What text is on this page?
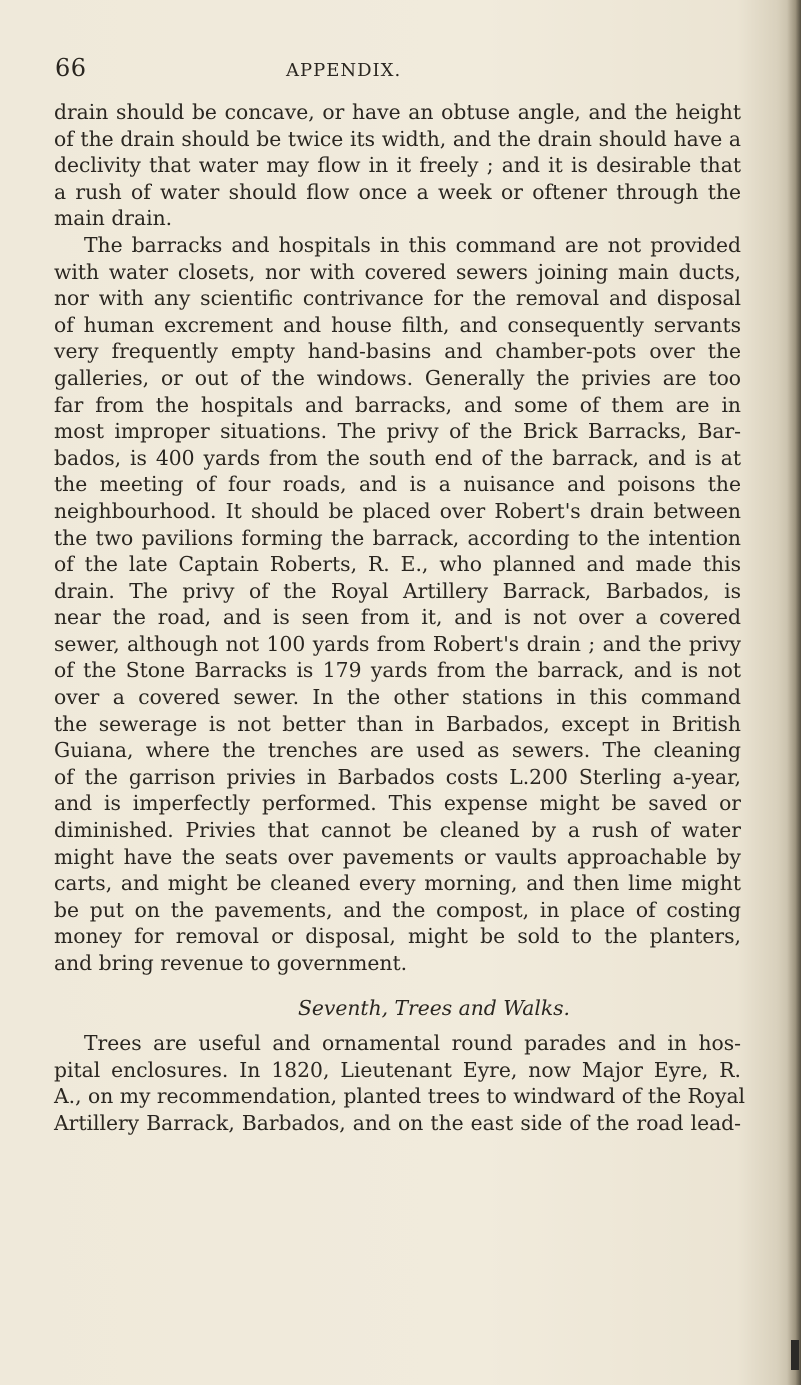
66	APPENDIX.
drain should be concave, or have an obtuse angle, and the height
of the drain should be twice its width, and the drain should have a
declivity that water may flow in it freely ; and it is desirable that
a rush of water should flow once a week or oftener through the
main drain.
The barracks and hospitals in this command are not provided
with water closets, nor with covered sewers joining main ducts,
nor with any scientific contrivance for the removal and disposal
of human excrement and house filth, and consequently servants
very frequently empty hand-basins and chamber-pots over the
galleries, or out of the windows. Generally the privies are too
far from the hospitals and barracks, and some of them are in
most improper situations. The privy of the Brick Barracks, Bar-
bados, is 400 yards from the south end of the barrack, and is at
the meeting of four roads, and is a nuisance and poisons the
neighbourhood. It should be placed over Robert's drain between
the two pavilions forming the barrack, according to the intention
of the late Captain Roberts, R. E., who planned and made this
drain. The privy of the Royal Artillery Barrack, Barbados, is
near the road, and is seen from it, and is not over a covered
sewer, although not 100 yards from Robert's drain ; and the privy
of the Stone Barracks is 179 yards from the barrack, and is not
over a covered sewer. In the other stations in this command
the sewerage is not better than in Barbados, except in British
Guiana, where the trenches are used as sewers. The cleaning
of the garrison privies in Barbados costs L.200 Sterling a-year,
and is imperfectly performed. This expense might be saved or
diminished. Privies that cannot be cleaned by a rush of water
might have the seats over pavements or vaults approachable by
carts, and might be cleaned every morning, and then lime might
be put on the pavements, and the compost, in place of costing
money for removal or disposal, might be sold to the planters,
and bring revenue to government.
Seventh, Trees and Walks.
Trees are useful and ornamental round parades and in hos-
pital enclosures. In 1820, Lieutenant Eyre, now Major Eyre, R.
A., on my recommendation, planted trees to windward of the Royal
Artillery Barrack, Barbados, and on the east side of the road lead-
